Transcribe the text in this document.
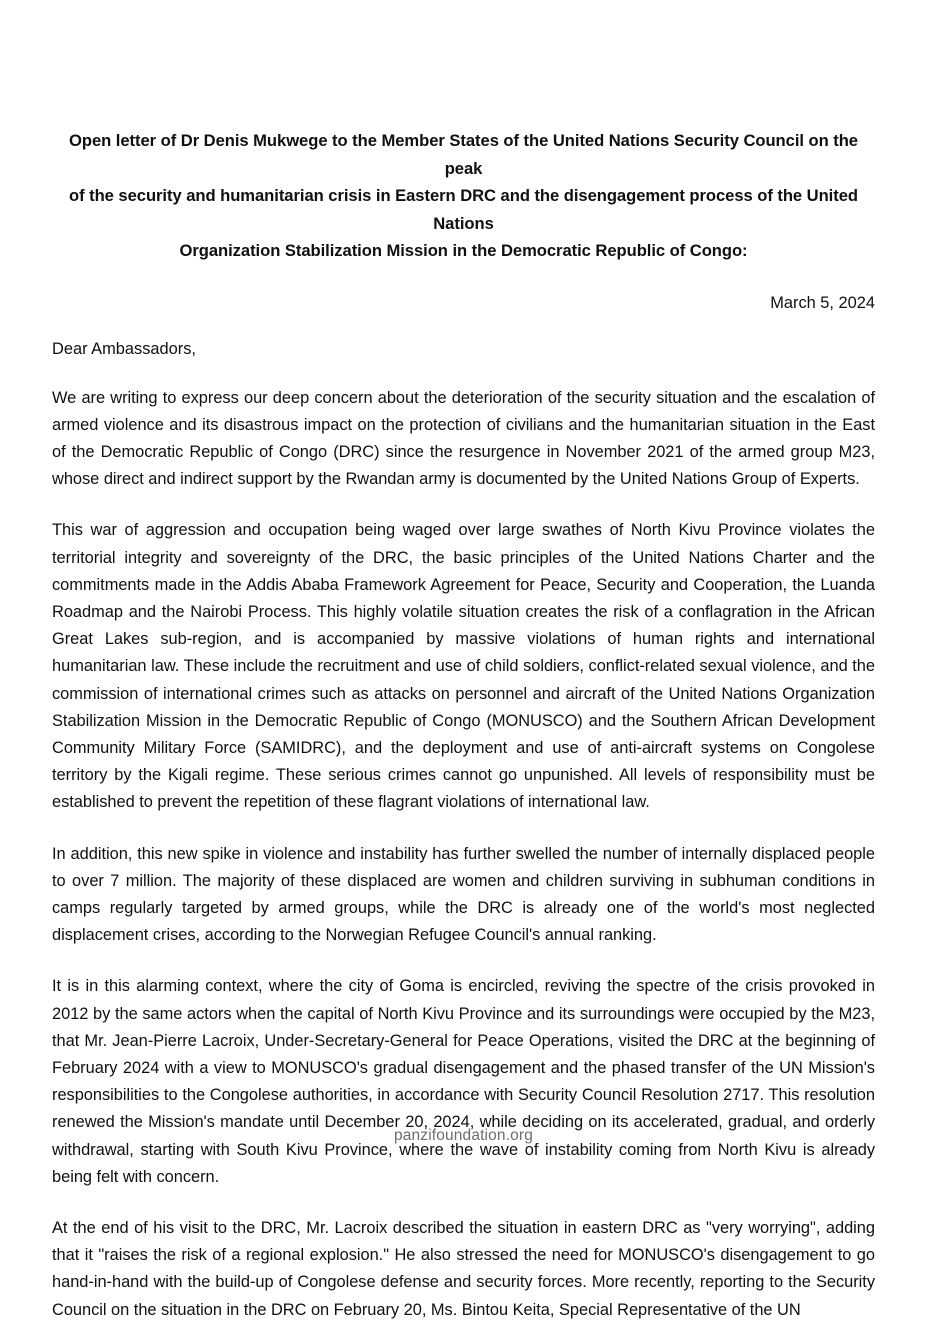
Open letter of Dr Denis Mukwege to the Member States of the United Nations Security Council on the peak
of the security and humanitarian crisis in Eastern DRC and the disengagement process of the United Nations
Organization Stabilization Mission in the Democratic Republic of Congo:

March 5, 2024

Dear Ambassadors,

We are writing to express our deep concern about the deterioration of the security situation and the escalation of armed violence and its disastrous impact on the protection of civilians and the humanitarian situation in the East of the Democratic Republic of Congo (DRC) since the resurgence in November 2021 of the armed group M23, whose direct and indirect support by the Rwandan army is documented by the United Nations Group of Experts.

This war of aggression and occupation being waged over large swathes of North Kivu Province violates the territorial integrity and sovereignty of the DRC, the basic principles of the United Nations Charter and the commitments made in the Addis Ababa Framework Agreement for Peace, Security and Cooperation, the Luanda Roadmap and the Nairobi Process. This highly volatile situation creates the risk of a conflagration in the African Great Lakes sub-region, and is accompanied by massive violations of human rights and international humanitarian law. These include the recruitment and use of child soldiers, conflict-related sexual violence, and the commission of international crimes such as attacks on personnel and aircraft of the United Nations Organization Stabilization Mission in the Democratic Republic of Congo (MONUSCO) and the Southern African Development Community Military Force (SAMIDRC), and the deployment and use of anti-aircraft systems on Congolese territory by the Kigali regime. These serious crimes cannot go unpunished. All levels of responsibility must be established to prevent the repetition of these flagrant violations of international law.

In addition, this new spike in violence and instability has further swelled the number of internally displaced people to over 7 million. The majority of these displaced are women and children surviving in subhuman conditions in camps regularly targeted by armed groups, while the DRC is already one of the world's most neglected displacement crises, according to the Norwegian Refugee Council's annual ranking.

It is in this alarming context, where the city of Goma is encircled, reviving the spectre of the crisis provoked in 2012 by the same actors when the capital of North Kivu Province and its surroundings were occupied by the M23, that Mr. Jean-Pierre Lacroix, Under-Secretary-General for Peace Operations, visited the DRC at the beginning of February 2024 with a view to MONUSCO's gradual disengagement and the phased transfer of the UN Mission's responsibilities to the Congolese authorities, in accordance with Security Council Resolution 2717. This resolution renewed the Mission's mandate until December 20, 2024, while deciding on its accelerated, gradual, and orderly withdrawal, starting with South Kivu Province, where the wave of instability coming from North Kivu is already being felt with concern.

At the end of his visit to the DRC, Mr. Lacroix described the situation in eastern DRC as "very worrying", adding that it "raises the risk of a regional explosion." He also stressed the need for MONUSCO's disengagement to go hand-in-hand with the build-up of Congolese defense and security forces. More recently, reporting to the Security Council on the situation in the DRC on February 20, Ms. Bintou Keita, Special Representative of the UN

panzifoundation.org
